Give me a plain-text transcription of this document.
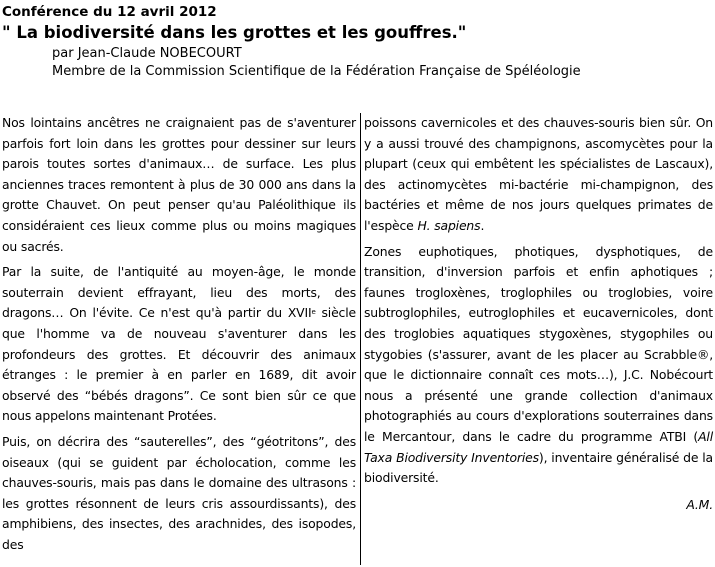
Conférence du 12 avril 2012
" La biodiversité dans les grottes et les gouffres."
par Jean-Claude NOBECOURT
Membre de la Commission Scientifique de la Fédération Française de Spéléologie

Nos lointains ancêtres ne craignaient pas de s'aventurer parfois fort loin dans les grottes pour dessiner sur leurs parois toutes sortes d'animaux… de surface. Les plus anciennes traces remontent à plus de 30 000 ans dans la grotte Chauvet. On peut penser qu'au Paléolithique ils considéraient ces lieux comme plus ou moins magiques ou sacrés.

Par la suite, de l'antiquité au moyen-âge, le monde souterrain devient effrayant, lieu des morts, des dragons… On l'évite. Ce n'est qu'à partir du XVIIe siècle que l'homme va de nouveau s'aventurer dans les profondeurs des grottes. Et découvrir des animaux étranges : le premier à en parler en 1689, dit avoir observé des “bébés dragons”. Ce sont bien sûr ce que nous appelons maintenant Protées.

Puis, on décrira des “sauterelles”, des “géotritons”, des oiseaux (qui se guident par écholocation, comme les chauves-souris, mais pas dans le domaine des ultrasons : les grottes résonnent de leurs cris assourdissants), des amphibiens, des insectes, des arachnides, des isopodes, des

poissons cavernicoles et des chauves-souris bien sûr. On y a aussi trouvé des champignons, ascomycètes pour la plupart (ceux qui embêtent les spécialistes de Lascaux), des actinomycètes mi-bactérie mi-champignon, des bactéries et même de nos jours quelques primates de l'espèce H. sapiens.

Zones euphotiques, photiques, dysphotiques, de transition, d'inversion parfois et enfin aphotiques ; faunes trogloxènes, troglophiles ou troglobies, voire subtroglophiles, eutroglophiles et eucavernicoles, dont des troglobies aquatiques stygoxènes, stygophiles ou stygobies (s'assurer, avant de les placer au Scrabble®, que le dictionnaire connaît ces mots…), J.C. Nobécourt nous a présenté une grande collection d'animaux photographiés au cours d'explorations souterraines dans le Mercantour, dans le cadre du programme ATBI (All Taxa Biodiversity Inventories), inventaire généralisé de la biodiversité.

A.M.
